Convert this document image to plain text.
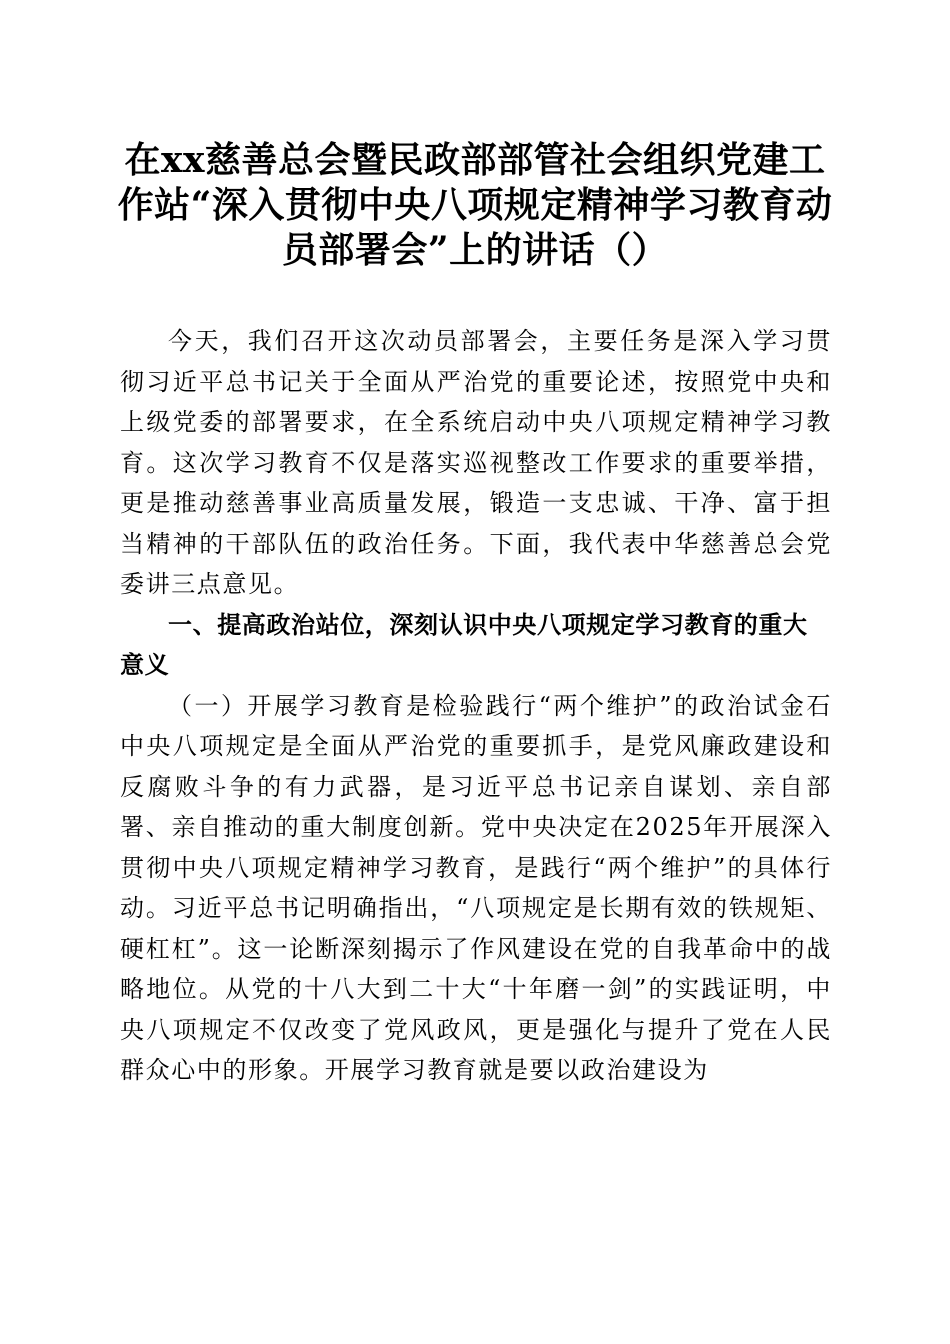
在xx慈善总会暨民政部部管社会组织党建工作站“深入贯彻中央八项规定精神学习教育动员部署会”上的讲话（）

今天，我们召开这次动员部署会，主要任务是深入学习贯彻习近平总书记关于全面从严治党的重要论述，按照党中央和上级党委的部署要求，在全系统启动中央八项规定精神学习教育。这次学习教育不仅是落实巡视整改工作要求的重要举措，更是推动慈善事业高质量发展，锻造一支忠诚、干净、富于担当精神的干部队伍的政治任务。下面，我代表中华慈善总会党委讲三点意见。

一、提高政治站位，深刻认识中央八项规定学习教育的重大意义

（一）开展学习教育是检验践行“两个维护”的政治试金石中央八项规定是全面从严治党的重要抓手，是党风廉政建设和反腐败斗争的有力武器，是习近平总书记亲自谋划、亲自部署、亲自推动的重大制度创新。党中央决定在2025年开展深入贯彻中央八项规定精神学习教育，是践行“两个维护”的具体行动。习近平总书记明确指出，“八项规定是长期有效的铁规矩、硬杠杠”。这一论断深刻揭示了作风建设在党的自我革命中的战略地位。从党的十八大到二十大“十年磨一剑”的实践证明，中央八项规定不仅改变了党风政风，更是强化与提升了党在人民群众心中的形象。开展学习教育就是要以政治建设为
